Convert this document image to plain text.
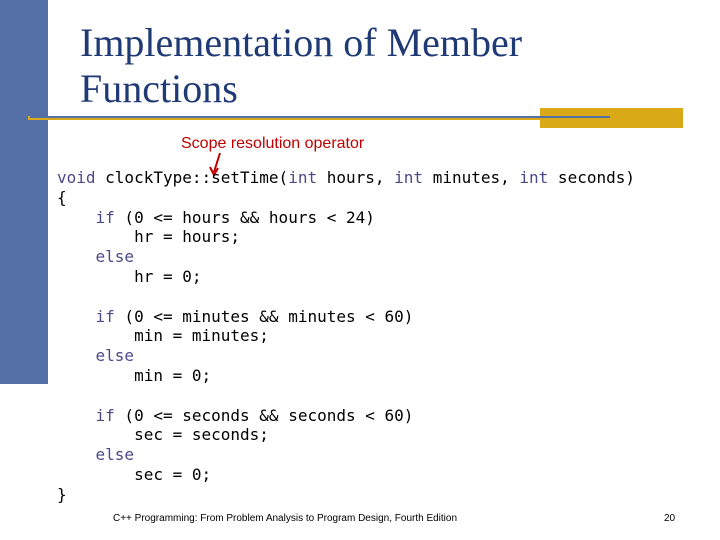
Implementation of Member
Functions
Scope resolution operator
void clockType::setTime(int hours, int minutes, int seconds)
{
if (0 <= hours && hours < 24)
hr = hours;
else
hr = 0;
if (0 <= minutes && minutes < 60)
min = minutes;
else
min = 0;
if (0 <= seconds && seconds < 60)
sec = seconds;
else
sec = 0;
}
C++ Programming: From Problem Analysis to Program Design, Fourth Edition	20
